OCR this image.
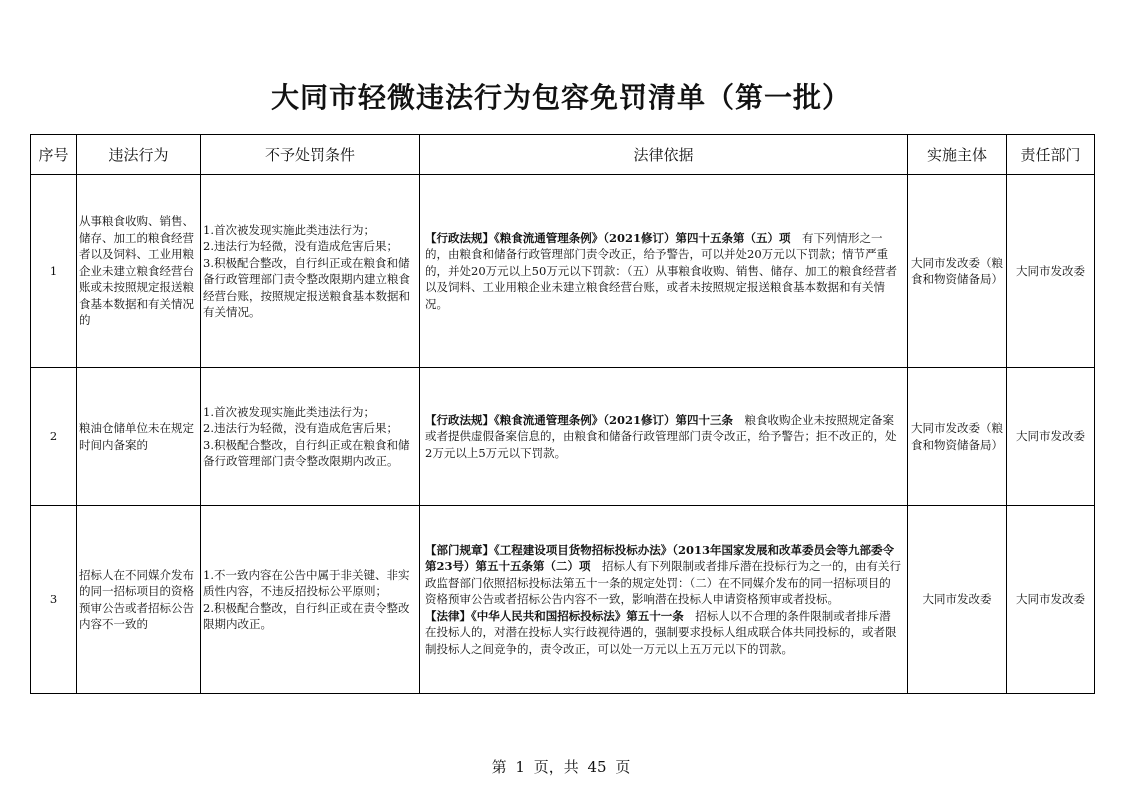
大同市轻微违法行为包容免罚清单（第一批）
序号	违法行为	不予处罚条件	法律依据	实施主体	责任部门
1	从事粮食收购、销售、储存、加工的粮食经营者以及饲料、工业用粮企业未建立粮食经营台账或未按照规定报送粮食基本数据和有关情况的	1.首次被发现实施此类违法行为；
2.违法行为轻微，没有造成危害后果；
3.积极配合整改，自行纠正或在粮食和储备行政管理部门责令整改限期内建立粮食经营台账，按照规定报送粮食基本数据和有关情况。	【行政法规】《粮食流通管理条例》（2021修订）第四十五条第（五）项　有下列情形之一的，由粮食和储备行政管理部门责令改正，给予警告，可以并处20万元以下罚款；情节严重的，并处20万元以上50万元以下罚款：（五）从事粮食收购、销售、储存、加工的粮食经营者以及饲料、工业用粮企业未建立粮食经营台账，或者未按照规定报送粮食基本数据和有关情况。	大同市发改委（粮食和物资储备局）	大同市发改委
2	粮油仓储单位未在规定时间内备案的	1.首次被发现实施此类违法行为；
2.违法行为轻微，没有造成危害后果；
3.积极配合整改，自行纠正或在粮食和储备行政管理部门责令整改限期内改正。	【行政法规】《粮食流通管理条例》（2021修订）第四十三条　粮食收购企业未按照规定备案或者提供虚假备案信息的，由粮食和储备行政管理部门责令改正，给予警告；拒不改正的，处2万元以上5万元以下罚款。	大同市发改委（粮食和物资储备局）	大同市发改委
3	招标人在不同媒介发布的同一招标项目的资格预审公告或者招标公告内容不一致的	1.不一致内容在公告中属于非关键、非实质性内容，不违反招投标公平原则；
2.积极配合整改，自行纠正或在责令整改限期内改正。	【部门规章】《工程建设项目货物招标投标办法》（2013年国家发展和改革委员会等九部委令第23号）第五十五条第（二）项　招标人有下列限制或者排斥潜在投标行为之一的，由有关行政监督部门依照招标投标法第五十一条的规定处罚：（二）在不同媒介发布的同一招标项目的资格预审公告或者招标公告内容不一致，影响潜在投标人申请资格预审或者投标。
【法律】《中华人民共和国招标投标法》第五十一条　招标人以不合理的条件限制或者排斥潜在投标人的，对潜在投标人实行歧视待遇的，强制要求投标人组成联合体共同投标的，或者限制投标人之间竞争的，责令改正，可以处一万元以上五万元以下的罚款。	大同市发改委	大同市发改委
第 1 页，共 45 页
